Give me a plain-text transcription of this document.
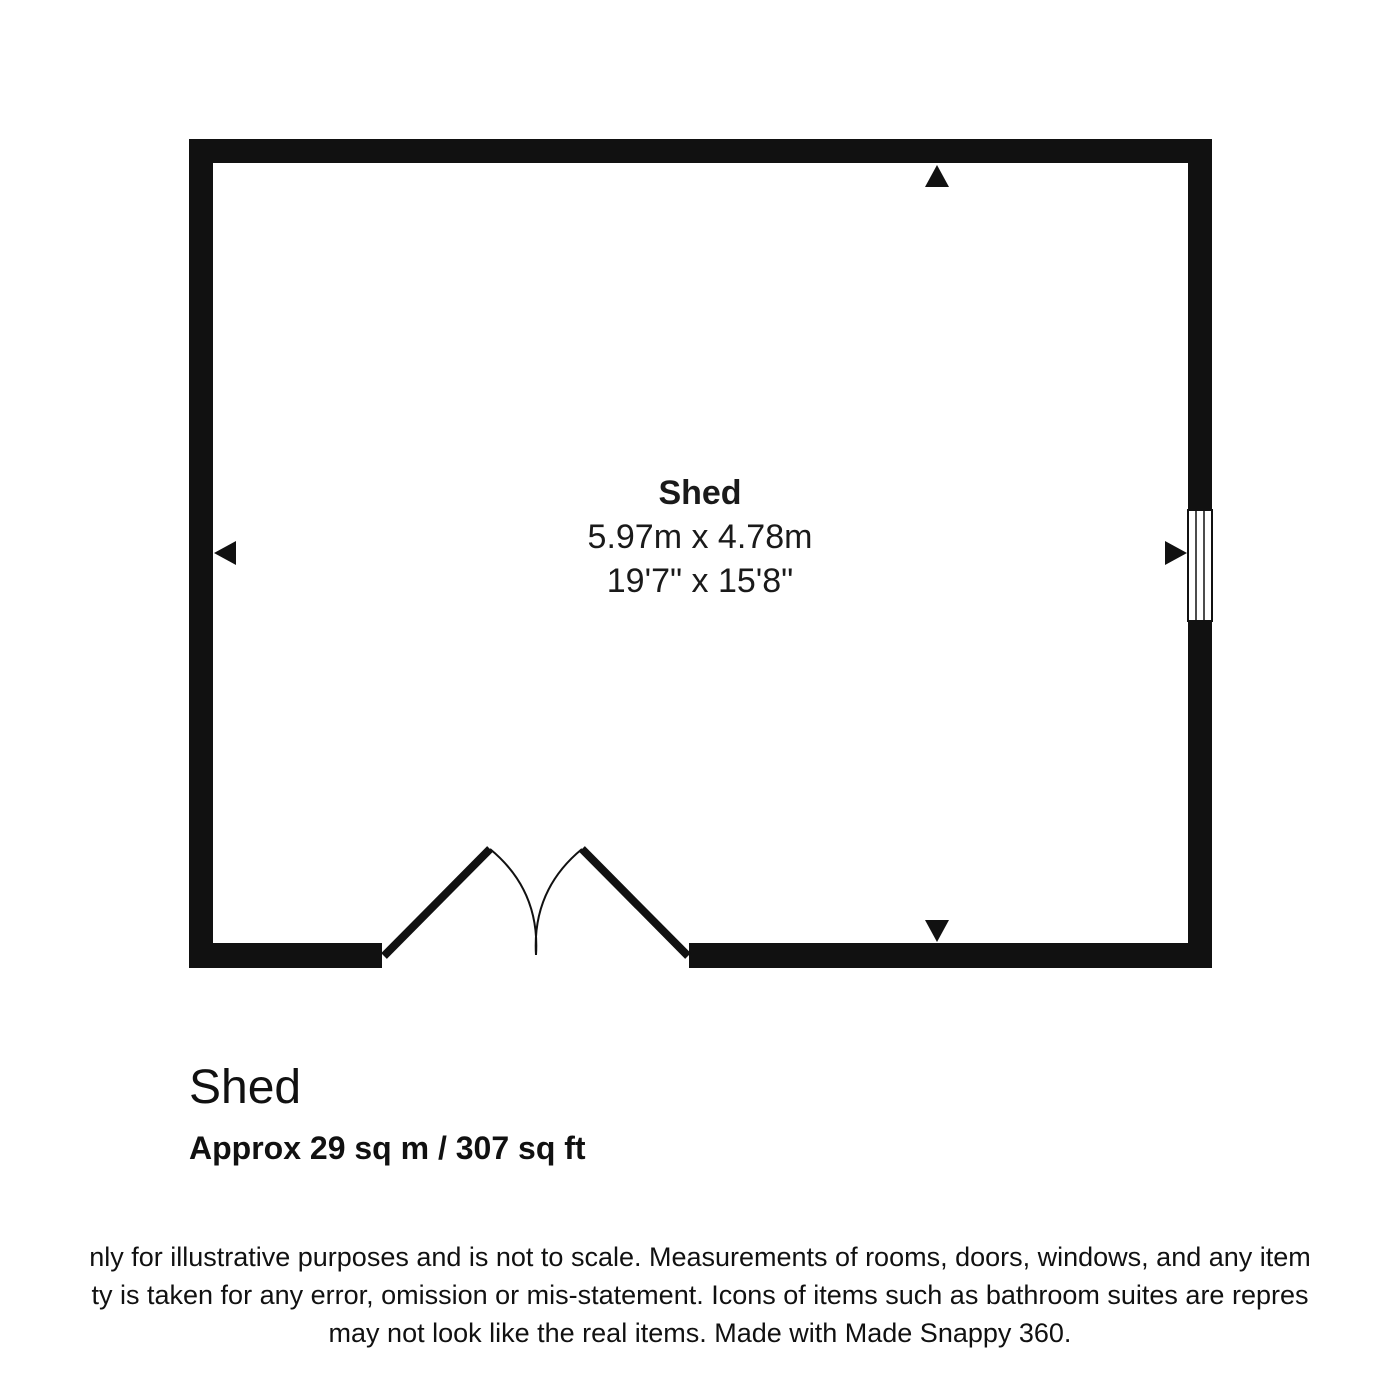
Shed
5.97m x 4.78m
19'7" x 15'8"
Shed
Approx 29 sq m / 307 sq ft
nly for illustrative purposes and is not to scale. Measurements of rooms, doors, windows, and any item
ty is taken for any error, omission or mis-statement. Icons of items such as bathroom suites are repres
may not look like the real items. Made with Made Snappy 360.
